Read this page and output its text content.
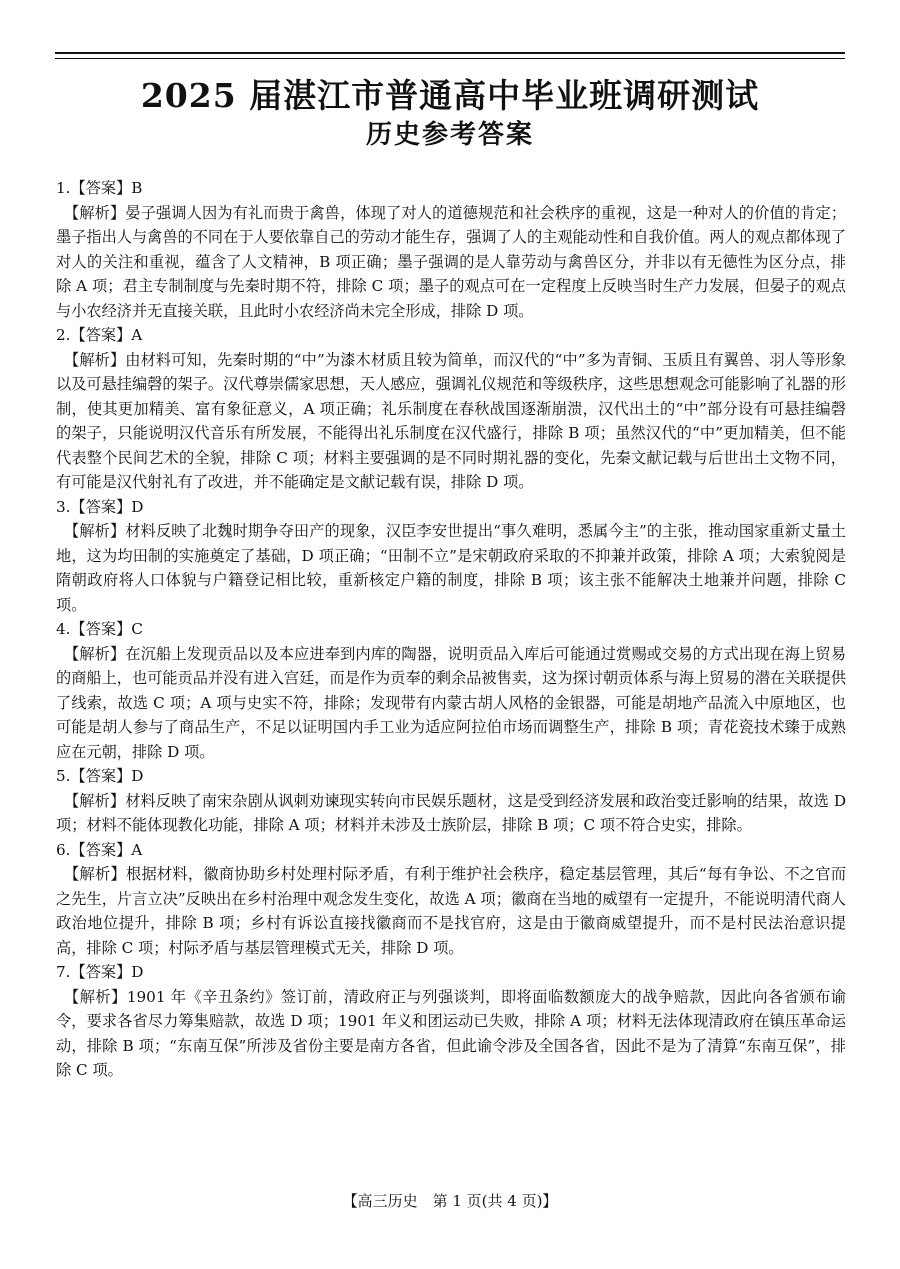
2025 届湛江市普通高中毕业班调研测试
历史参考答案

1.【答案】B

【解析】晏子强调人因为有礼而贵于禽兽，体现了对人的道德规范和社会秩序的重视，这是一种对人的价值的肯定；墨子指出人与禽兽的不同在于人要依靠自己的劳动才能生存，强调了人的主观能动性和自我价值。两人的观点都体现了对人的关注和重视，蕴含了人文精神，B 项正确；墨子强调的是人靠劳动与禽兽区分，并非以有无德性为区分点，排除 A 项；君主专制制度与先秦时期不符，排除 C 项；墨子的观点可在一定程度上反映当时生产力发展，但晏子的观点与小农经济并无直接关联，且此时小农经济尚未完全形成，排除 D 项。

2.【答案】A

【解析】由材料可知，先秦时期的“中”为漆木材质且较为简单，而汉代的“中”多为青铜、玉质且有翼兽、羽人等形象以及可悬挂编磬的架子。汉代尊崇儒家思想，天人感应，强调礼仪规范和等级秩序，这些思想观念可能影响了礼器的形制，使其更加精美、富有象征意义，A 项正确；礼乐制度在春秋战国逐渐崩溃，汉代出土的“中”部分设有可悬挂编磬的架子，只能说明汉代音乐有所发展，不能得出礼乐制度在汉代盛行，排除 B 项；虽然汉代的“中”更加精美，但不能代表整个民间艺术的全貌，排除 C 项；材料主要强调的是不同时期礼器的变化，先秦文献记载与后世出土文物不同，有可能是汉代射礼有了改进，并不能确定是文献记载有误，排除 D 项。

3.【答案】D

【解析】材料反映了北魏时期争夺田产的现象，汉臣李安世提出“事久难明，悉属今主”的主张，推动国家重新丈量土地，这为均田制的实施奠定了基础，D 项正确；“田制不立”是宋朝政府采取的不抑兼并政策，排除 A 项；大索貌阅是隋朝政府将人口体貌与户籍登记相比较，重新核定户籍的制度，排除 B 项；该主张不能解决土地兼并问题，排除 C 项。

4.【答案】C

【解析】在沉船上发现贡品以及本应进奉到内库的陶器，说明贡品入库后可能通过赏赐或交易的方式出现在海上贸易的商船上，也可能贡品并没有进入宫廷，而是作为贡奉的剩余品被售卖，这为探讨朝贡体系与海上贸易的潜在关联提供了线索，故选 C 项；A 项与史实不符，排除；发现带有内蒙古胡人风格的金银器，可能是胡地产品流入中原地区，也可能是胡人参与了商品生产，不足以证明国内手工业为适应阿拉伯市场而调整生产，排除 B 项；青花瓷技术臻于成熟应在元朝，排除 D 项。

5.【答案】D

【解析】材料反映了南宋杂剧从讽刺劝谏现实转向市民娱乐题材，这是受到经济发展和政治变迁影响的结果，故选 D 项；材料不能体现教化功能，排除 A 项；材料并未涉及士族阶层，排除 B 项；C 项不符合史实，排除。

6.【答案】A

【解析】根据材料，徽商协助乡村处理村际矛盾，有利于维护社会秩序，稳定基层管理，其后“每有争讼、不之官而之先生，片言立决”反映出在乡村治理中观念发生变化，故选 A 项；徽商在当地的威望有一定提升，不能说明清代商人政治地位提升，排除 B 项；乡村有诉讼直接找徽商而不是找官府，这是由于徽商威望提升，而不是村民法治意识提高，排除 C 项；村际矛盾与基层管理模式无关，排除 D 项。

7.【答案】D

【解析】1901 年《辛丑条约》签订前，清政府正与列强谈判，即将面临数额庞大的战争赔款，因此向各省颁布谕令，要求各省尽力筹集赔款，故选 D 项；1901 年义和团运动已失败，排除 A 项；材料无法体现清政府在镇压革命运动，排除 B 项；“东南互保”所涉及省份主要是南方各省，但此谕令涉及全国各省，因此不是为了清算“东南互保”，排除 C 项。

【高三历史　第 1 页(共 4 页)】
